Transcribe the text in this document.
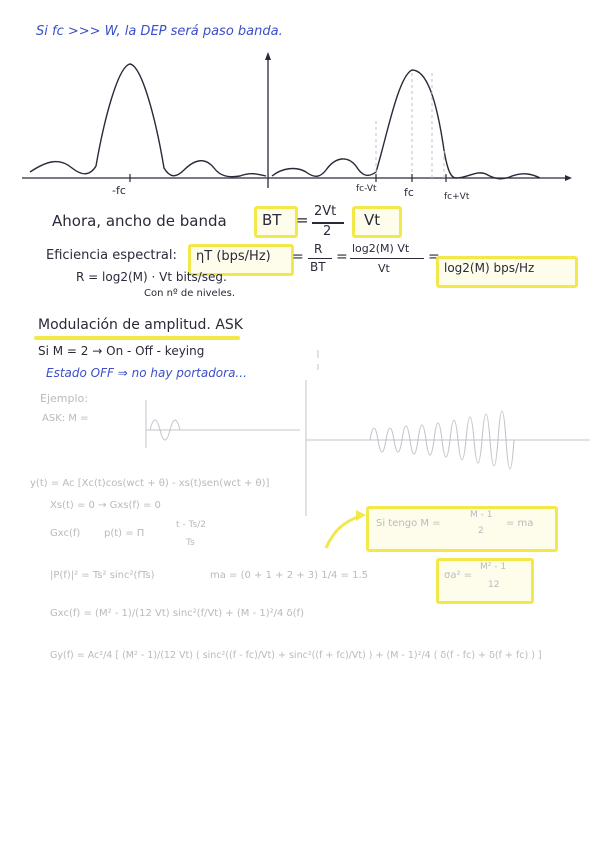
Si fc >>> W, la DEP será paso banda.
-fc	fc-Vt fc	fc+Vt
Ahora, ancho de banda BT = 2Vt
2
Vt
Eficiencia espectral: ηT (bps/Hz) = R
BT
=
log2(M) Vt
Vt
=
log2(M) bps/Hz
R = log2(M) · Vt bits/seg.
Con nº de niveles.
Modulación de amplitud. ASK
Si M = 2 → On - Off - keying
Estado OFF ⇒ no hay portadora...
Ejemplo:
ASK: M =
y(t) = Ac [Xc(t)cos(wct + θ) - xs(t)sen(wct + θ)]
Xs(t) = 0 → Gxs(f) = 0
Gxc(f) p(t) = Π
t - Ts/2
Ts
|P(f)|² = Ts² sinc²(fTs)	ma = (0 + 1 + 2 + 3) 1/4 = 1.5
Gxc(f) = (M² - 1)/(12 Vt) sinc²(f/Vt) + (M - 1)²/4 δ(f)
Gy(f) = Ac²/4 [ (M² - 1)/(12 Vt) ( sinc²((f - fc)/Vt) + sinc²((f + fc)/Vt) ) + (M - 1)²/4 ( δ(f - fc) + δ(f + fc) ) ]
Si tengo M =
M - 1
2
= ma
σa² =
M² - 1
12
